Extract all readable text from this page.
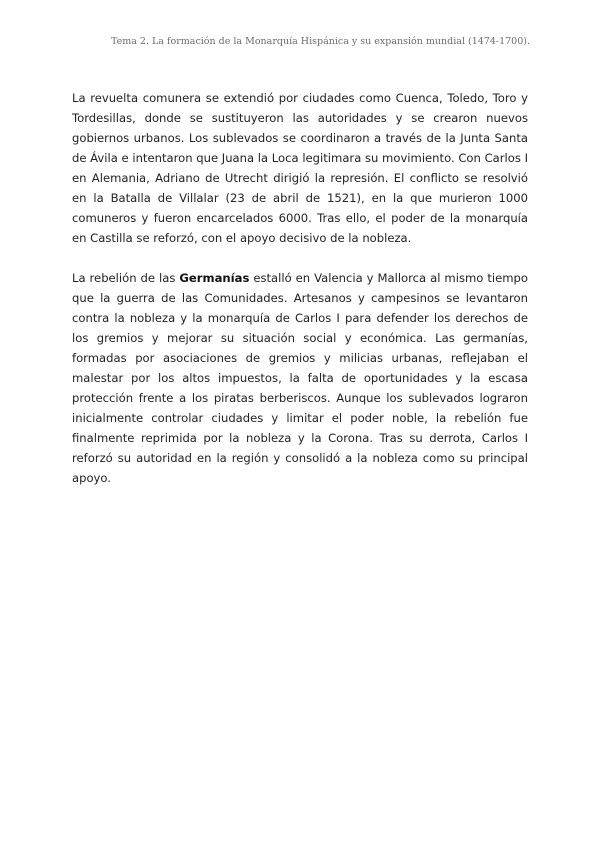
Tema 2. La formación de la Monarquía Hispánica y su expansión mundial (1474-1700).

La revuelta comunera se extendió por ciudades como Cuenca, Toledo, Toro y Tordesillas, donde se sustituyeron las autoridades y se crearon nuevos gobiernos urbanos. Los sublevados se coordinaron a través de la Junta Santa de Ávila e intentaron que Juana la Loca legitimara su movimiento. Con Carlos I en Alemania, Adriano de Utrecht dirigió la represión. El conflicto se resolvió en la Batalla de Villalar (23 de abril de 1521), en la que murieron 1000 comuneros y fueron encarcelados 6000. Tras ello, el poder de la monarquía en Castilla se reforzó, con el apoyo decisivo de la nobleza.

La rebelión de las Germanías estalló en Valencia y Mallorca al mismo tiempo que la guerra de las Comunidades. Artesanos y campesinos se levantaron contra la nobleza y la monarquía de Carlos I para defender los derechos de los gremios y mejorar su situación social y económica. Las germanías, formadas por asociaciones de gremios y milicias urbanas, reflejaban el malestar por los altos impuestos, la falta de oportunidades y la escasa protección frente a los piratas berberiscos. Aunque los sublevados lograron inicialmente controlar ciudades y limitar el poder noble, la rebelión fue finalmente reprimida por la nobleza y la Corona. Tras su derrota, Carlos I reforzó su autoridad en la región y consolidó a la nobleza como su principal apoyo.
